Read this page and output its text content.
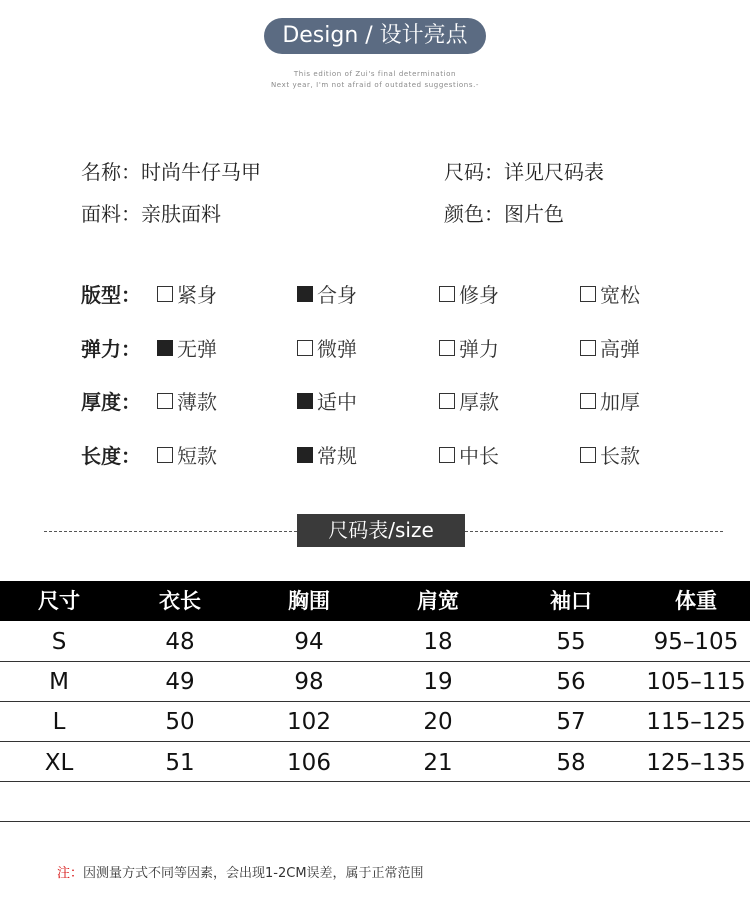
Design / 设计亮点
This edition of Zui's final determination
Next year, I'm not afraid of outdated suggestions.-
名称：时尚牛仔马甲	尺码：详见尺码表
面料：亲肤面料	颜色：图片色
版型： 紧身	合身	修身	宽松
弹力： 无弹	微弹	弹力	高弹
厚度： 薄款	适中	厚款	加厚
长度： 短款	常规	中长	长款
尺码表/size
尺寸	衣长	胸围	肩宽	袖口	体重
S	48	94	18	55	95–105
M	49	98	19	56	105–115
L	50	102	20	57	115–125
XL	51	106	21	58	125–135
注：因测量方式不同等因素，会出现1-2CM误差，属于正常范围
